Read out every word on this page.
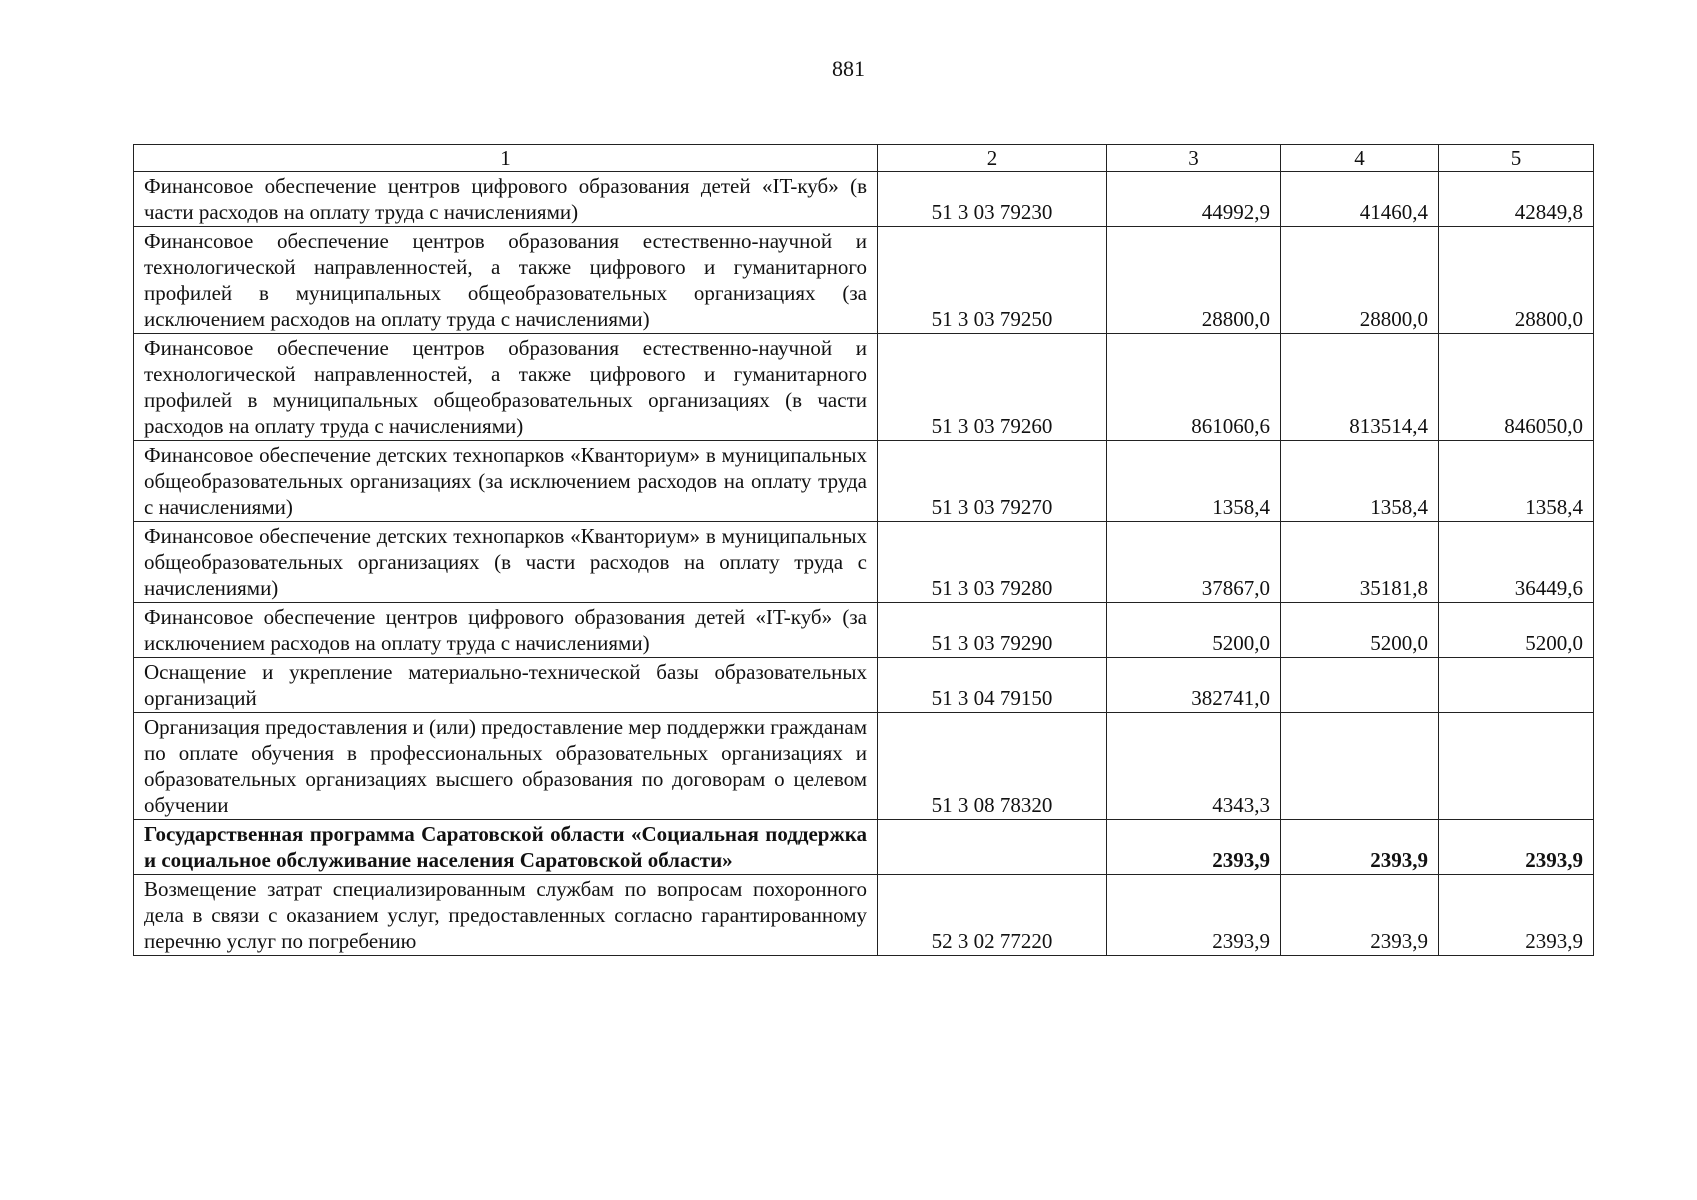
881
1	2	3	4	5
Финансовое обеспечение центров цифрового образования детей «IT-куб» (в части расходов на оплату труда с начислениями)	51 3 03 79230	44992,9	41460,4	42849,8
Финансовое обеспечение центров образования естественно-научной и технологической направленностей, а также цифрового и гуманитарного профилей в муниципальных общеобразовательных организациях (за исключением расходов на оплату труда с начислениями)	51 3 03 79250	28800,0	28800,0	28800,0
Финансовое обеспечение центров образования естественно-научной и технологической направленностей, а также цифрового и гуманитарного профилей в муниципальных общеобразовательных организациях (в части расходов на оплату труда с начислениями)	51 3 03 79260	861060,6	813514,4	846050,0
Финансовое обеспечение детских технопарков «Кванториум» в муниципальных общеобразовательных организациях (за исключением расходов на оплату труда с начислениями)	51 3 03 79270	1358,4	1358,4	1358,4
Финансовое обеспечение детских технопарков «Кванториум» в муниципальных общеобразовательных организациях (в части расходов на оплату труда с начислениями)	51 3 03 79280	37867,0	35181,8	36449,6
Финансовое обеспечение центров цифрового образования детей «IT-куб» (за исключением расходов на оплату труда с начислениями)	51 3 03 79290	5200,0	5200,0	5200,0
Оснащение и укрепление материально-технической базы образовательных организаций	51 3 04 79150	382741,0		
Организация предоставления и (или) предоставление мер поддержки гражданам по оплате обучения в профессиональных образовательных организациях и образовательных организациях высшего образования по договорам о целевом обучении	51 3 08 78320	4343,3		
Государственная программа Саратовской области «Социальная поддержка и социальное обслуживание населения Саратовской области»		2393,9	2393,9	2393,9
Возмещение затрат специализированным службам по вопросам похоронного дела в связи с оказанием услуг, предоставленных согласно гарантированному перечню услуг по погребению	52 3 02 77220	2393,9	2393,9	2393,9
